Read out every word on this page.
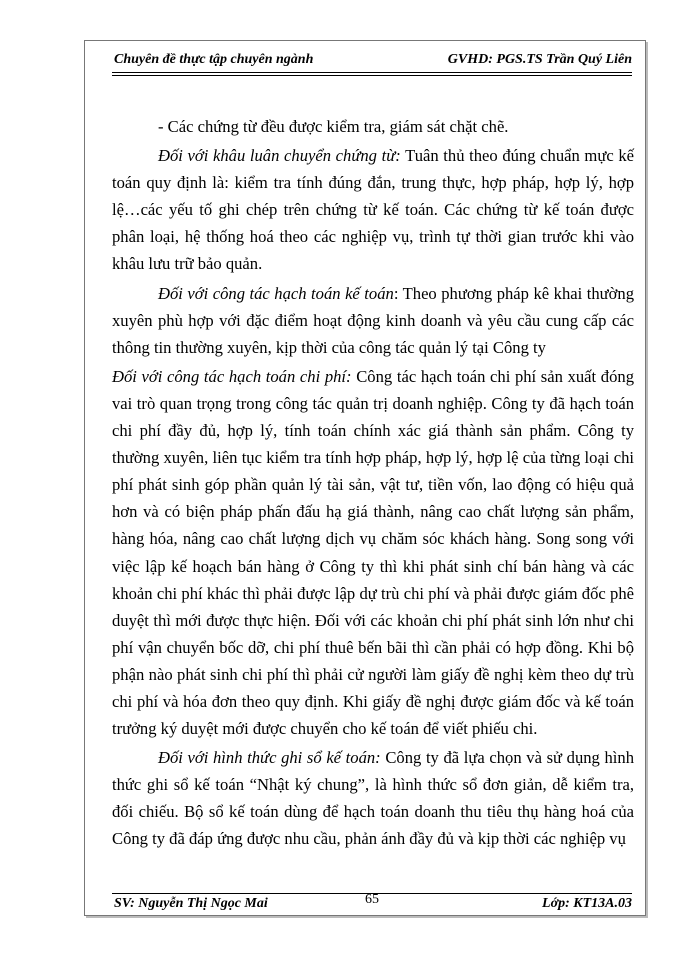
Chuyên đề thực tập chuyên ngành	GVHD: PGS.TS Trần Quý Liên

- Các chứng từ đều được kiểm tra, giám sát chặt chẽ.

Đối với khâu luân chuyển chứng từ: Tuân thủ theo đúng chuẩn mực kế toán quy định là: kiểm tra tính đúng đắn, trung thực, hợp pháp, hợp lý, hợp lệ…các yếu tố ghi chép trên chứng từ kế toán. Các chứng từ kế toán được phân loại, hệ thống hoá theo các nghiệp vụ, trình tự thời gian trước khi vào khâu lưu trữ bảo quản.

Đối với công tác hạch toán kế toán: Theo phương pháp kê khai thường xuyên phù hợp với đặc điểm hoạt động kinh doanh và yêu cầu cung cấp các thông tin thường xuyên, kịp thời của công tác quản lý tại Công ty

Đối với công tác hạch toán chi phí: Công tác hạch toán chi phí sản xuất đóng vai trò quan trọng trong công tác quản trị doanh nghiệp. Công ty đã hạch toán chi phí đầy đủ, hợp lý, tính toán chính xác giá thành sản phẩm. Công ty thường xuyên, liên tục kiểm tra tính hợp pháp, hợp lý, hợp lệ của từng loại chi phí phát sinh góp phần quản lý tài sản, vật tư, tiền vốn, lao động có hiệu quả hơn và có biện pháp phấn đấu hạ giá thành, nâng cao chất lượng sản phẩm, hàng hóa, nâng cao chất lượng dịch vụ chăm sóc khách hàng. Song song với việc lập kế hoạch bán hàng ở Công ty thì khi phát sinh chí bán hàng và các khoản chi phí khác thì phải được lập dự trù chi phí và phải được giám đốc phê duyệt thì mới được thực hiện. Đối với các khoản chi phí phát sinh lớn như chi phí vận chuyển bốc dỡ, chi phí thuê bến bãi thì cần phải có hợp đồng. Khi bộ phận nào phát sinh chi phí thì phải cử người làm giấy đề nghị kèm theo dự trù chi phí và hóa đơn theo quy định. Khi giấy đề nghị được giám đốc và kế toán trưởng ký duyệt mới được chuyển cho kế toán để viết phiếu chi.

Đối với hình thức ghi sổ kế toán: Công ty đã lựa chọn và sử dụng hình thức ghi sổ kế toán “Nhật ký chung”, là hình thức sổ đơn giản, dễ kiểm tra, đối chiếu. Bộ sổ kế toán dùng để hạch toán doanh thu tiêu thụ hàng hoá của Công ty đã đáp ứng được nhu cầu, phản ánh đầy đủ và kịp thời các nghiệp vụ

SV: Nguyễn Thị Ngọc Mai	65	Lớp: KT13A.03
